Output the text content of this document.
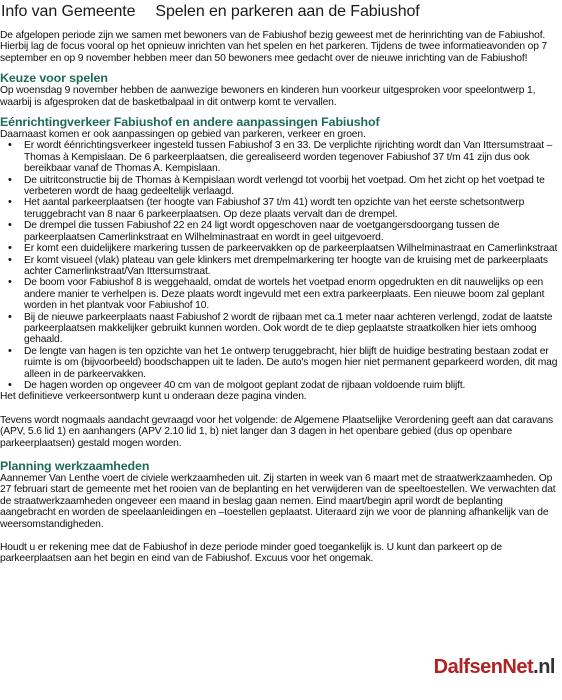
Info van Gemeente Spelen en parkeren aan de Fabiushof

De afgelopen periode zijn we samen met bewoners van de Fabiushof bezig geweest met de herinrichting van de Fabiushof. Hierbij lag de focus vooral op het opnieuw inrichten van het spelen en het parkeren. Tijdens de twee informatieavonden op 7 september en op 9 november hebben meer dan 50 bewoners mee gedacht over de nieuwe inrichting van de Fabiushof!

Keuze voor spelen

Op woensdag 9 november hebben de aanwezige bewoners en kinderen hun voorkeur uitgesproken voor speelontwerp 1, waarbij is afgesproken dat de basketbalpaal in dit ontwerp komt te vervallen.

Eénrichtingverkeer Fabiushof en andere aanpassingen Fabiushof

Daarnaast komen er ook aanpassingen op gebied van parkeren, verkeer en groen.

• Er wordt éénrichtingsverkeer ingesteld tussen Fabiushof 3 en 33. De verplichte rijrichting wordt dan Van Ittersumstraat – Thomas à Kempislaan. De 6 parkeerplaatsen, die gerealiseerd worden tegenover Fabiushof 37 t/m 41 zijn dus ook bereikbaar vanaf de Thomas A. Kempislaan.
• De uitritconstructie bij de Thomas à Kempislaan wordt verlengd tot voorbij het voetpad. Om het zicht op het voetpad te verbeteren wordt de haag gedeeltelijk verlaagd.
• Het aantal parkeerplaatsen (ter hoogte van Fabiushof 37 t/m 41) wordt ten opzichte van het eerste schetsontwerp teruggebracht van 8 naar 6 parkeerplaatsen. Op deze plaats vervalt dan de drempel.
• De drempel die tussen Fabiushof 22 en 24 ligt wordt opgeschoven naar de voetgangersdoorgang tussen de parkeerplaatsen Camerlinkstraat en Wilhelminastraat en wordt in geel uitgevoerd.
• Er komt een duidelijkere markering tussen de parkeervakken op de parkeerplaatsen Wilhelminastraat en Camerlinkstraat
• Er komt visueel (vlak) plateau van gele klinkers met drempelmarkering ter hoogte van de kruising met de parkeerplaats achter Camerlinkstraat/Van Ittersumstraat.
• De boom voor Fabiushof 8 is weggehaald, omdat de wortels het voetpad enorm opgedrukten en dit nauwelijks op een andere manier te verhelpen is. Deze plaats wordt ingevuld met een extra parkeerplaats. Een nieuwe boom zal geplant worden in het plantvak voor Fabiushof 10.
• Bij de nieuwe parkeerplaats naast Fabiushof 2 wordt de rijbaan met ca.1 meter naar achteren verlengd, zodat de laatste parkeerplaatsen makkelijker gebruikt kunnen worden. Ook wordt de te diep geplaatste straatkolken hier iets omhoog gehaald.
• De lengte van hagen is ten opzichte van het 1e ontwerp teruggebracht, hier blijft de huidige bestrating bestaan zodat er ruimte is om (bijvoorbeeld) boodschappen uit te laden. De auto's mogen hier niet permanent geparkeerd worden, dit mag alleen in de parkeervakken.
• De hagen worden op ongeveer 40 cm van de molgoot geplant zodat de rijbaan voldoende ruim blijft.

Het definitieve verkeersontwerp kunt u onderaan deze pagina vinden.

Tevens wordt nogmaals aandacht gevraagd voor het volgende: de Algemene Plaatselijke Verordening geeft aan dat caravans (APV, 5.6 lid 1) en aanhangers (APV 2.10 lid 1, b) niet langer dan 3 dagen in het openbare gebied (dus op openbare parkeerplaatsen) gestald mogen worden.

Planning werkzaamheden

Aannemer Van Lenthe voert de civiele werkzaamheden uit. Zij starten in week van 6 maart met de straatwerkzaamheden. Op 27 februari start de gemeente met het rooien van de beplanting en het verwijderen van de speeltoestellen. We verwachten dat de straatwerkzaamheden ongeveer een maand in beslag gaan nemen. Eind maart/begin april wordt de beplanting aangebracht en worden de speelaanleidingen en –toestellen geplaatst. Uiteraard zijn we voor de planning afhankelijk van de weersomstandigheden.

Houdt u er rekening mee dat de Fabiushof in deze periode minder goed toegankelijk is. U kunt dan parkeert op de parkeerplaatsen aan het begin en eind van de Fabiushof. Excuus voor het ongemak.

DalfsenNet.nl
